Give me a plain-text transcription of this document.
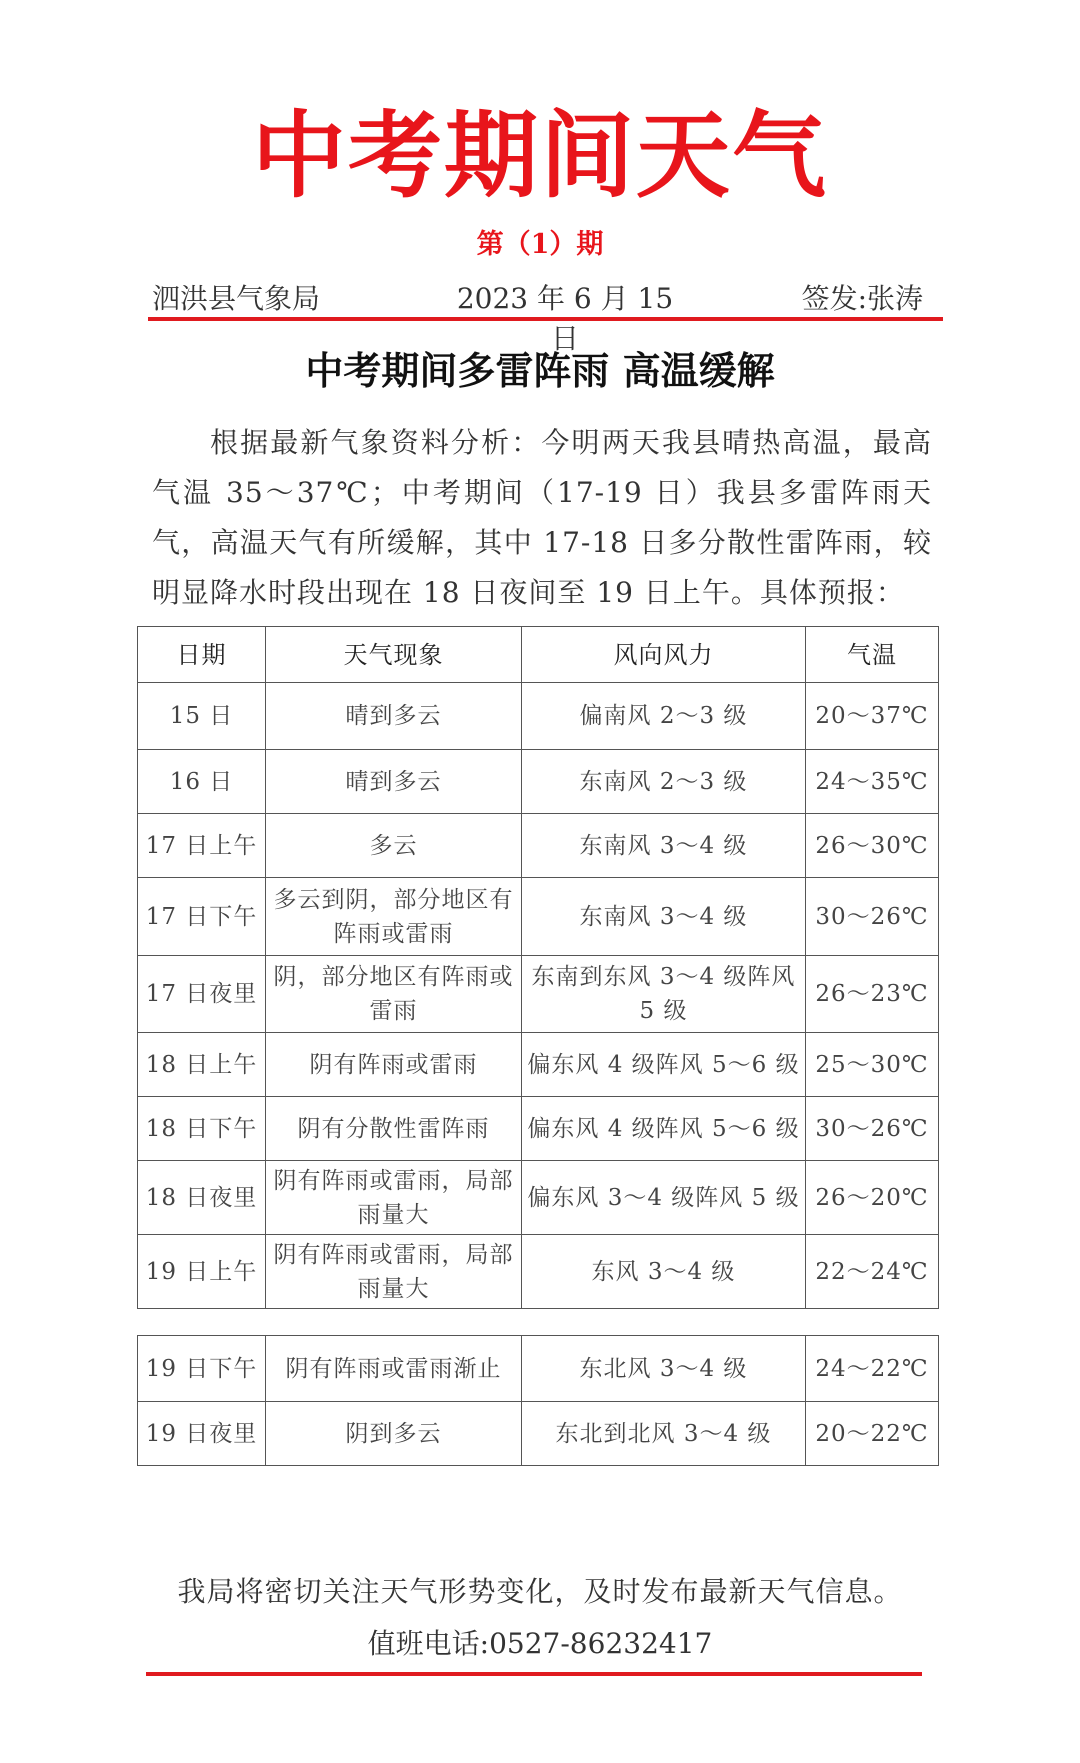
中考期间天气
第（1）期
泗洪县气象局	2023 年 6 月 15 日
签发:张涛
中考期间多雷阵雨 高温缓解
根据最新气象资料分析：今明两天我县晴热高温，最高气温 35～37℃；中考期间（17-19 日）我县多雷阵雨天气，高温天气有所缓解，其中 17-18 日多分散性雷阵雨，较明显降水时段出现在 18 日夜间至 19 日上午。具体预报：
日期	天气现象	风向风力	气温
15 日	晴到多云	偏南风 2～3 级	20～37℃
16 日	晴到多云	东南风 2～3 级	24～35℃
17 日上午	多云	东南风 3～4 级	26～30℃
17 日下午	多云到阴，部分地区有阵雨或雷雨	东南风 3～4 级	30～26℃
17 日夜里	阴，部分地区有阵雨或雷雨	东南到东风 3～4 级阵风 5 级	26～23℃
18 日上午	阴有阵雨或雷雨	偏东风 4 级阵风 5～6 级	25～30℃
18 日下午	阴有分散性雷阵雨	偏东风 4 级阵风 5～6 级	30～26℃
18 日夜里	阴有阵雨或雷雨，局部雨量大	偏东风 3～4 级阵风 5 级	26～20℃
19 日上午	阴有阵雨或雷雨，局部雨量大	东风 3～4 级	22～24℃
19 日下午	阴有阵雨或雷雨渐止	东北风 3～4 级	24～22℃
19 日夜里	阴到多云	东北到北风 3～4 级	20～22℃
我局将密切关注天气形势变化，及时发布最新天气信息。
值班电话:0527-86232417
